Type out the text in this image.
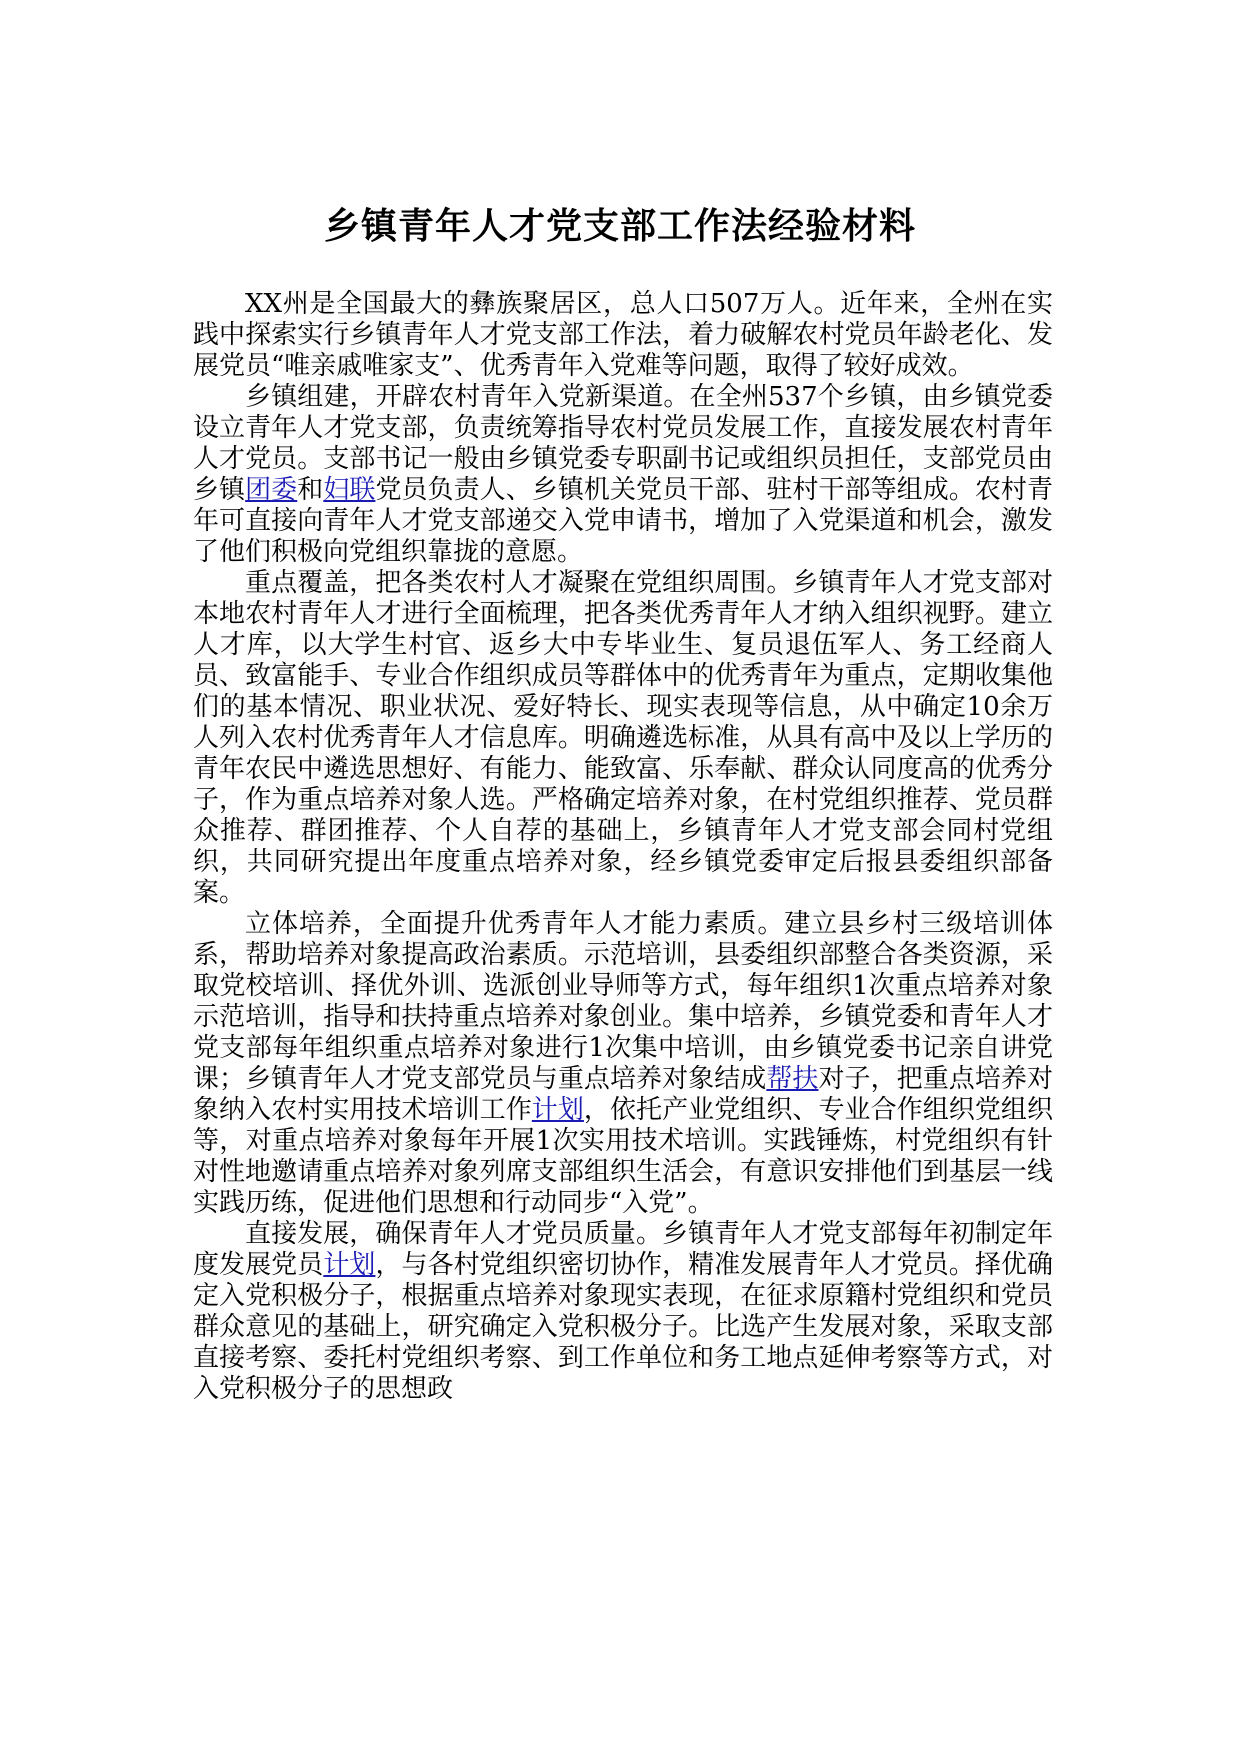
乡镇青年人才党支部工作法经验材料

XX州是全国最大的彝族聚居区，总人口507万人。近年来，全州在实践中探索实行乡镇青年人才党支部工作法，着力破解农村党员年龄老化、发展党员“唯亲戚唯家支”、优秀青年入党难等问题，取得了较好成效。

乡镇组建，开辟农村青年入党新渠道。在全州537个乡镇，由乡镇党委设立青年人才党支部，负责统筹指导农村党员发展工作，直接发展农村青年人才党员。支部书记一般由乡镇党委专职副书记或组织员担任，支部党员由乡镇团委和妇联党员负责人、乡镇机关党员干部、驻村干部等组成。农村青年可直接向青年人才党支部递交入党申请书，增加了入党渠道和机会，激发了他们积极向党组织靠拢的意愿。

重点覆盖，把各类农村人才凝聚在党组织周围。乡镇青年人才党支部对本地农村青年人才进行全面梳理，把各类优秀青年人才纳入组织视野。建立人才库，以大学生村官、返乡大中专毕业生、复员退伍军人、务工经商人员、致富能手、专业合作组织成员等群体中的优秀青年为重点，定期收集他们的基本情况、职业状况、爱好特长、现实表现等信息，从中确定10余万人列入农村优秀青年人才信息库。明确遴选标准，从具有高中及以上学历的青年农民中遴选思想好、有能力、能致富、乐奉献、群众认同度高的优秀分子，作为重点培养对象人选。严格确定培养对象，在村党组织推荐、党员群众推荐、群团推荐、个人自荐的基础上，乡镇青年人才党支部会同村党组织，共同研究提出年度重点培养对象，经乡镇党委审定后报县委组织部备案。

立体培养，全面提升优秀青年人才能力素质。建立县乡村三级培训体系，帮助培养对象提高政治素质。示范培训，县委组织部整合各类资源，采取党校培训、择优外训、选派创业导师等方式，每年组织1次重点培养对象示范培训，指导和扶持重点培养对象创业。集中培养，乡镇党委和青年人才党支部每年组织重点培养对象进行1次集中培训，由乡镇党委书记亲自讲党课；乡镇青年人才党支部党员与重点培养对象结成帮扶对子，把重点培养对象纳入农村实用技术培训工作计划，依托产业党组织、专业合作组织党组织等，对重点培养对象每年开展1次实用技术培训。实践锤炼，村党组织有针对性地邀请重点培养对象列席支部组织生活会，有意识安排他们到基层一线实践历练，促进他们思想和行动同步“入党”。

直接发展，确保青年人才党员质量。乡镇青年人才党支部每年初制定年度发展党员计划，与各村党组织密切协作，精准发展青年人才党员。择优确定入党积极分子，根据重点培养对象现实表现，在征求原籍村党组织和党员群众意见的基础上，研究确定入党积极分子。比选产生发展对象，采取支部直接考察、委托村党组织考察、到工作单位和务工地点延伸考察等方式，对入党积极分子的思想政
